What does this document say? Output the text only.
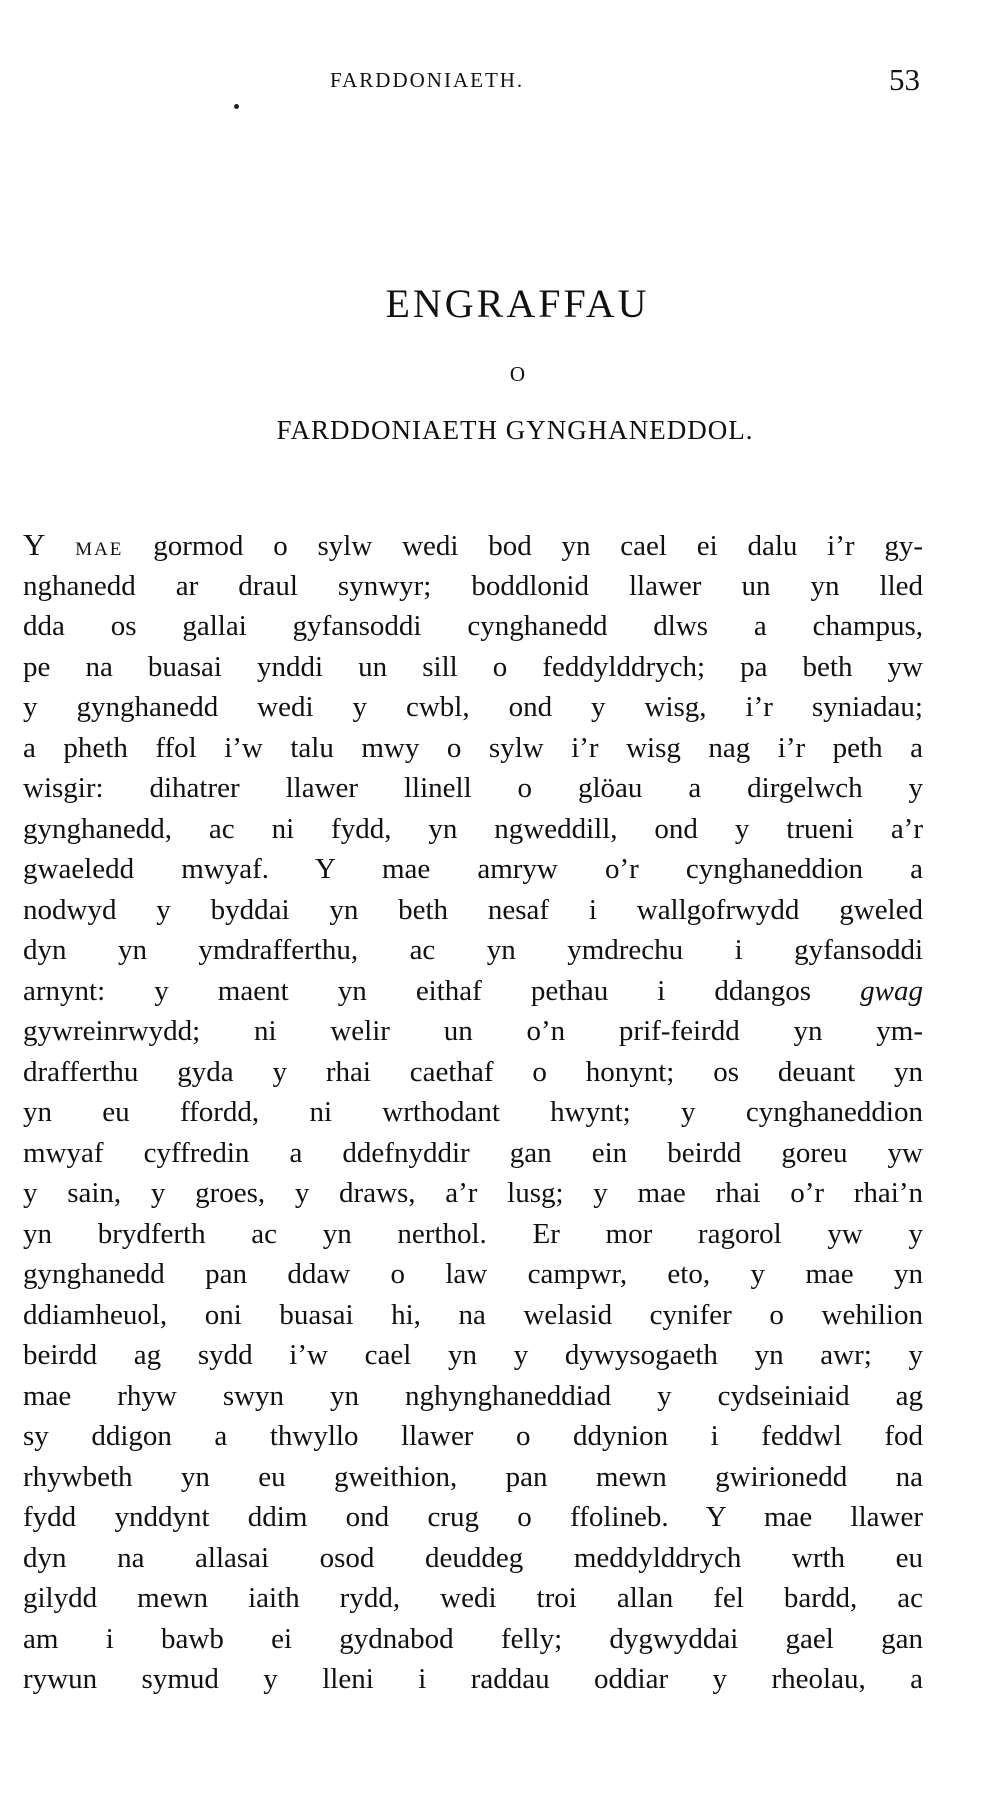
FARDDONIAETH.	53
ENGRAFFAU
O
FARDDONIAETH GYNGHANEDDOL.
Y MAE gormod o sylw wedi bod yn cael ei dalu i’r gy-
nghanedd ar draul synwyr; boddlonid llawer un yn lled
dda os gallai gyfansoddi cynghanedd dlws a champus,
pe na buasai ynddi un sill o feddylddrych; pa beth yw
y gynghanedd wedi y cwbl, ond y wisg, i’r syniadau;
a pheth ffol i’w talu mwy o sylw i’r wisg nag i’r peth a
wisgir: dihatrer llawer llinell o glöau a dirgelwch y
gynghanedd, ac ni fydd, yn ngweddill, ond y trueni a’r
gwaeledd mwyaf. Y mae amryw o’r cynghaneddion a
nodwyd y byddai yn beth nesaf i wallgofrwydd gweled
dyn yn ymdrafferthu, ac yn ymdrechu i gyfansoddi
arnynt: y maent yn eithaf pethau i ddangos gwag
gywreinrwydd; ni welir un o’n prif-feirdd yn ym-
drafferthu gyda y rhai caethaf o honynt; os deuant yn
yn eu ffordd, ni wrthodant hwynt; y cynghaneddion
mwyaf cyffredin a ddefnyddir gan ein beirdd goreu yw
y sain, y groes, y draws, a’r lusg; y mae rhai o’r rhai’n
yn brydferth ac yn nerthol. Er mor ragorol yw y
gynghanedd pan ddaw o law campwr, eto, y mae yn
ddiamheuol, oni buasai hi, na welasid cynifer o wehilion
beirdd ag sydd i’w cael yn y dywysogaeth yn awr; y
mae rhyw swyn yn nghynghaneddiad y cydseiniaid ag
sy ddigon a thwyllo llawer o ddynion i feddwl fod
rhywbeth yn eu gweithion, pan mewn gwirionedd na
fydd ynddynt ddim ond crug o ffolineb. Y mae llawer
dyn na allasai osod deuddeg meddylddrych wrth eu
gilydd mewn iaith rydd, wedi troi allan fel bardd, ac
am i bawb ei gydnabod felly; dygwyddai gael gan
rywun symud y lleni i raddau oddiar y rheolau, a
